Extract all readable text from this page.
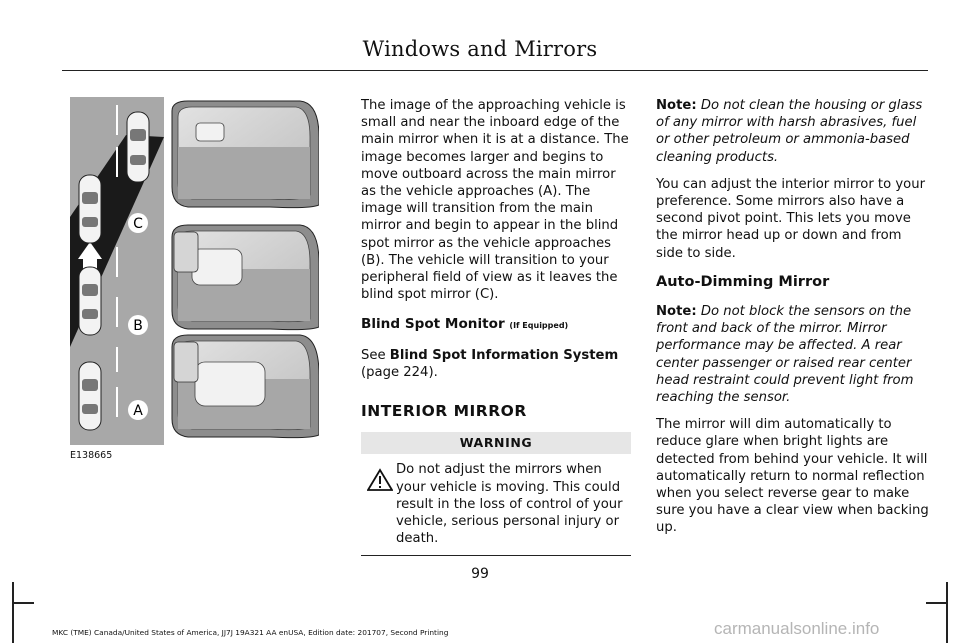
Windows and Mirrors
C
B
A
E138665

The image of the approaching vehicle is small and near the inboard edge of the main mirror when it is at a distance. The image becomes larger and begins to move outboard across the main mirror as the vehicle approaches (A). The image will transition from the main mirror and begin to appear in the blind spot mirror as the vehicle approaches (B). The vehicle will transition to your peripheral field of view as it leaves the blind spot mirror (C).

Blind Spot Monitor (If Equipped)

See Blind Spot Information System (page 224).

INTERIOR MIRROR

WARNING

Do not adjust the mirrors when your vehicle is moving. This could result in the loss of control of your vehicle, serious personal injury or death.

Note: Do not clean the housing or glass of any mirror with harsh abrasives, fuel or other petroleum or ammonia-based cleaning products.

You can adjust the interior mirror to your preference. Some mirrors also have a second pivot point. This lets you move the mirror head up or down and from side to side.

Auto-Dimming Mirror

Note: Do not block the sensors on the front and back of the mirror. Mirror performance may be affected. A rear center passenger or raised rear center head restraint could prevent light from reaching the sensor.

The mirror will dim automatically to reduce glare when bright lights are detected from behind your vehicle. It will automatically return to normal reflection when you select reverse gear to make sure you have a clear view when backing up.

99
MKC (TME) Canada/United States of America, JJ7J 19A321 AA enUSA, Edition date: 201707, Second Printing	carmanualsonline.info
